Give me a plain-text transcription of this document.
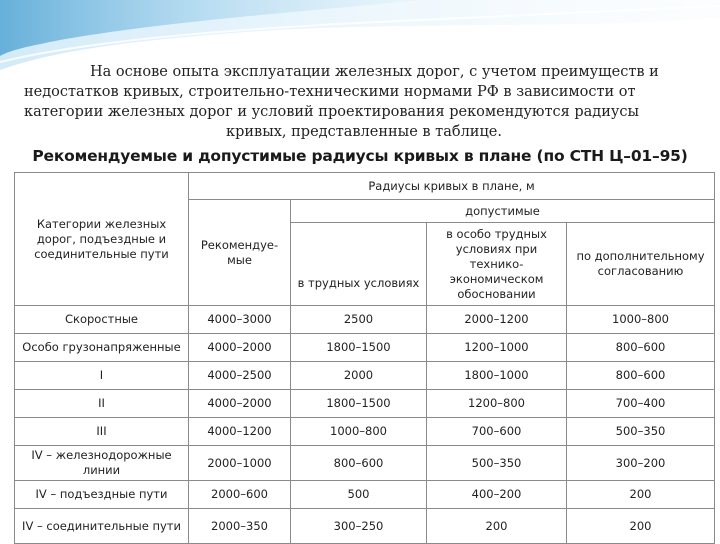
На основе опыта эксплуатации железных дорог, с учетом преимуществ и
недостатков кривых, строительно-техническими нормами РФ в зависимости от
категории железных дорог и условий проектирования рекомендуются радиусы
кривых, представленные в таблице.
Рекомендуемые и допустимые радиусы кривых в плане (по СТН Ц–01–95)
Категории железных дорог, подъездные и соединительные пути	Радиусы кривых в плане, м			
	Рекомендуе-мые	допустимые		
		в трудных условиях	в особо трудных условиях при технико-экономическом обосновании	по дополнительному согласованию
Скоростные	4000–3000	2500	2000–1200	1000–800
Особо грузонапряженные	4000–2000	1800–1500	1200–1000	800–600
I	4000–2500	2000	1800–1000	800–600
II	4000–2000	1800–1500	1200–800	700–400
III	4000–1200	1000–800	700–600	500–350
IV – железнодорожные линии	2000–1000	800–600	500–350	300–200
IV – подъездные пути	2000–600	500	400–200	200
IV – соединительные пути	2000–350	300–250	200	200
